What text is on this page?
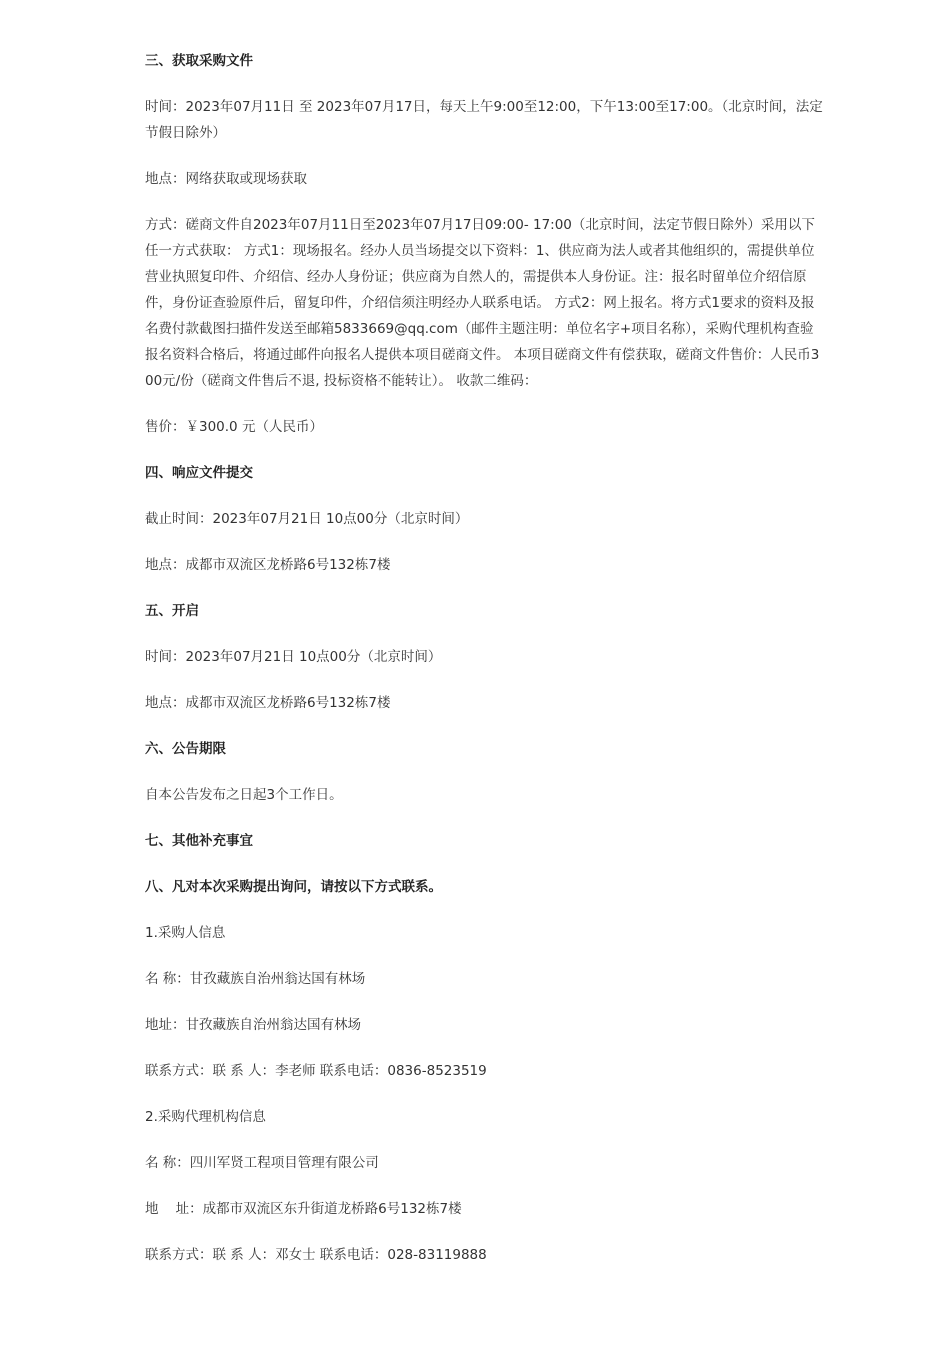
三、获取采购文件
时间：2023年07月11日 至 2023年07月17日，每天上午9:00至12:00，下午13:00至17:00。（北京时间，法定节假日除外）
地点：网络获取或现场获取
方式：磋商文件自2023年07月11日至2023年07月17日09:00- 17:00（北京时间，法定节假日除外）采用以下任一方式获取： 方式1：现场报名。经办人员当场提交以下资料：1、供应商为法人或者其他组织的，需提供单位营业执照复印件、介绍信、经办人身份证；供应商为自然人的，需提供本人身份证。注：报名时留单位介绍信原件，身份证查验原件后，留复印件，介绍信须注明经办人联系电话。 方式2：网上报名。将方式1要求的资料及报名费付款截图扫描件发送至邮箱5833669@qq.com（邮件主题注明：单位名字+项目名称），采购代理机构查验报名资料合格后，将通过邮件向报名人提供本项目磋商文件。 本项目磋商文件有偿获取，磋商文件售价：人民币300元/份（磋商文件售后不退, 投标资格不能转让）。 收款二维码：
售价：￥300.0 元（人民币）
四、响应文件提交
截止时间：2023年07月21日 10点00分（北京时间）
地点：成都市双流区龙桥路6号132栋7楼
五、开启
时间：2023年07月21日 10点00分（北京时间）
地点：成都市双流区龙桥路6号132栋7楼
六、公告期限
自本公告发布之日起3个工作日。
七、其他补充事宜
八、凡对本次采购提出询问，请按以下方式联系。
1.采购人信息
名 称：甘孜藏族自治州翁达国有林场
地址：甘孜藏族自治州翁达国有林场
联系方式：联 系 人：李老师 联系电话：0836-8523519
2.采购代理机构信息
名 称：四川军贤工程项目管理有限公司
地    址：成都市双流区东升街道龙桥路6号132栋7楼
联系方式：联 系 人：邓女士 联系电话：028-83119888
